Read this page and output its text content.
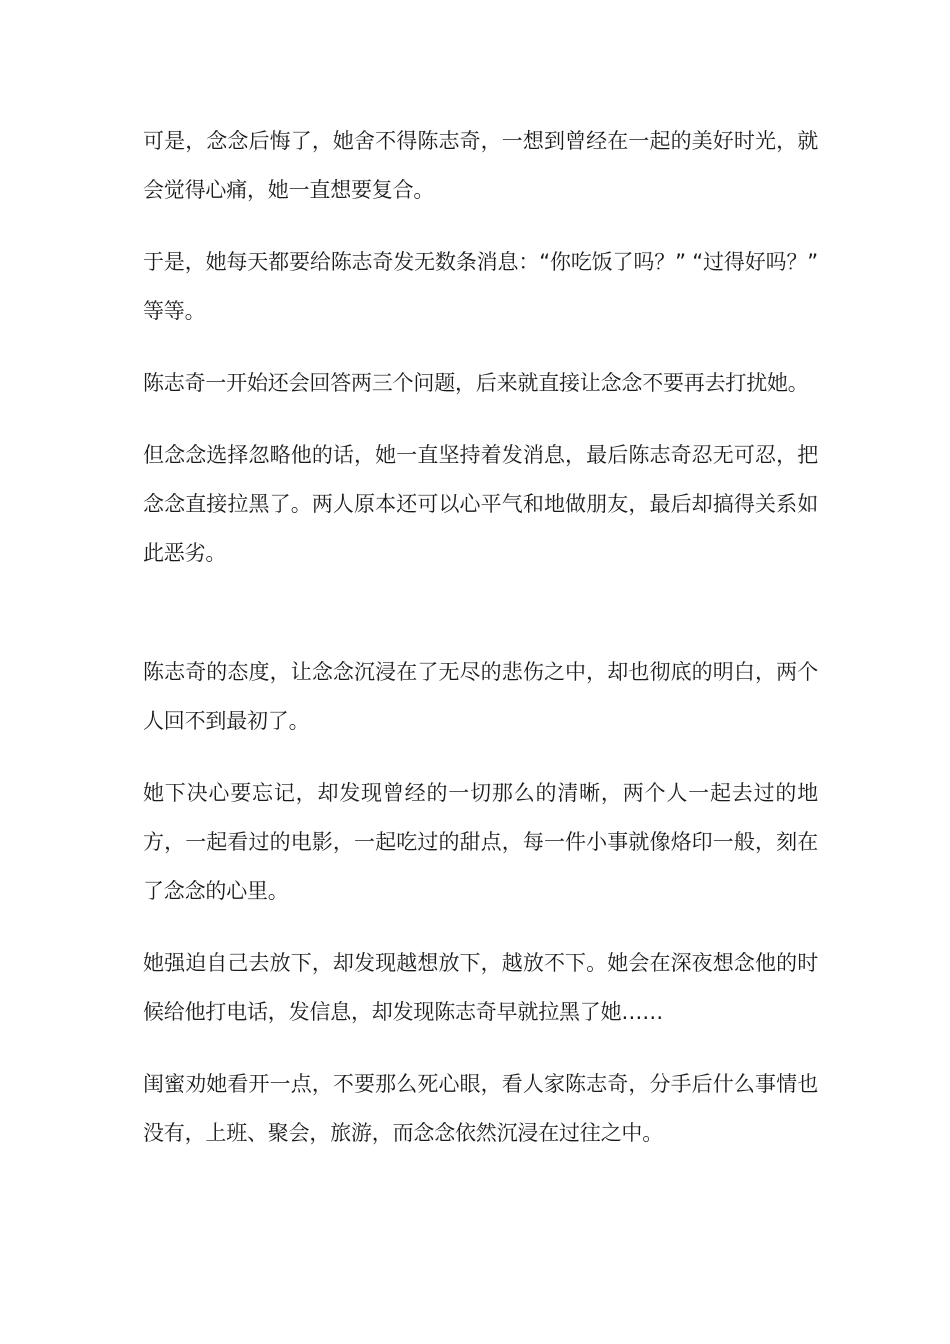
可是，念念后悔了，她舍不得陈志奇，一想到曾经在一起的美好时光，就会觉得心痛，她一直想要复合。

于是，她每天都要给陈志奇发无数条消息：“你吃饭了吗？” “过得好吗？” 等等。

陈志奇一开始还会回答两三个问题，后来就直接让念念不要再去打扰她。

但念念选择忽略他的话，她一直坚持着发消息，最后陈志奇忍无可忍，把念念直接拉黑了。两人原本还可以心平气和地做朋友，最后却搞得关系如此恶劣。

陈志奇的态度，让念念沉浸在了无尽的悲伤之中，却也彻底的明白，两个人回不到最初了。

她下决心要忘记，却发现曾经的一切那么的清晰，两个人一起去过的地方，一起看过的电影，一起吃过的甜点，每一件小事就像烙印一般，刻在了念念的心里。

她强迫自己去放下，却发现越想放下，越放不下。她会在深夜想念他的时候给他打电话，发信息，却发现陈志奇早就拉黑了她……

闺蜜劝她看开一点，不要那么死心眼，看人家陈志奇，分手后什么事情也没有，上班、聚会，旅游，而念念依然沉浸在过往之中。
